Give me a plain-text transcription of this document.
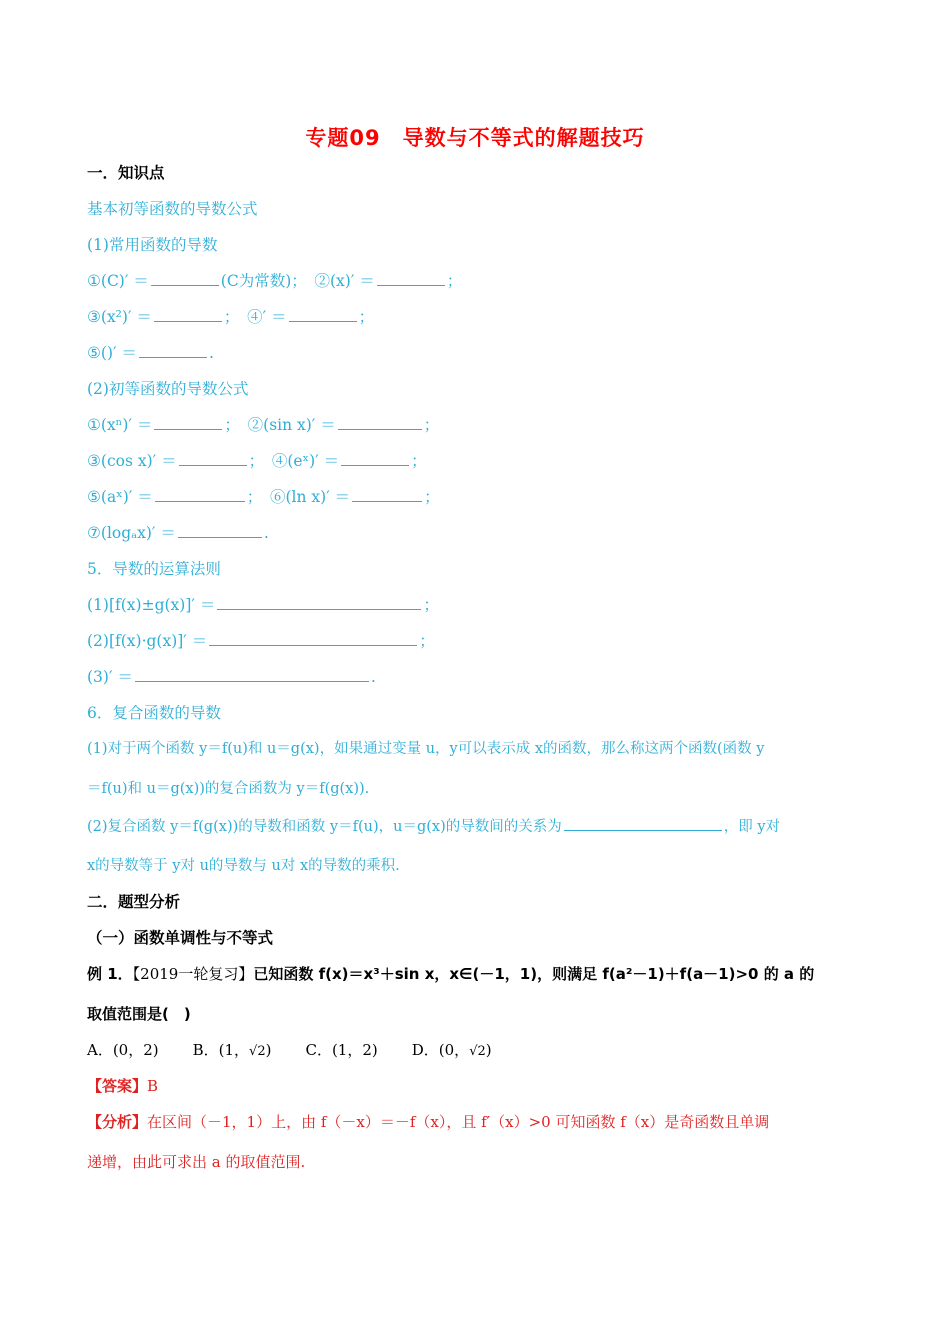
专题09　导数与不等式的解题技巧
一．知识点
基本初等函数的导数公式
(1)常用函数的导数
①(C)′ ＝	(C为常数)；　②(x)′ ＝	；
③(x²)′ ＝	；　④′ ＝	；
⑤()′ ＝	.
(2)初等函数的导数公式
①(xⁿ)′ ＝	；　②(sin x)′ ＝	；
③(cos x)′ ＝	；　④(eˣ)′ ＝	；
⑤(aˣ)′ ＝	；　⑥(ln x)′ ＝	；
⑦(logₐx)′ ＝	.
5．导数的运算法则
(1)[f(x)±g(x)]′ ＝	；
(2)[f(x)·g(x)]′ ＝	；
(3)′ ＝	.
6．复合函数的导数
(1)对于两个函数 y＝f(u)和 u＝g(x)，如果通过变量 u，y可以表示成 x的函数，那么称这两个函数(函数 y
＝f(u)和 u＝g(x))的复合函数为 y＝f(g(x)).
(2)复合函数 y＝f(g(x))的导数和函数 y＝f(u)，u＝g(x)的导数间的关系为	，即 y对
x的导数等于 y对 u的导数与 u对 x的导数的乘积.
二．题型分析
（一）函数单调性与不等式
例 1．【2019一轮复习】已知函数 f(x)＝x³＋sin x，x∈(－1，1)，则满足 f(a²－1)＋f(a－1)>0 的 a 的
取值范围是(　)
A．(0，2) B．(1，√2) C．(1，2) D．(0，√2)
【答案】B
【分析】在区间（－1，1）上，由 f（－x）＝－f（x），且 f′（x）>0 可知函数 f（x）是奇函数且单调
递增，由此可求出 a 的取值范围.
